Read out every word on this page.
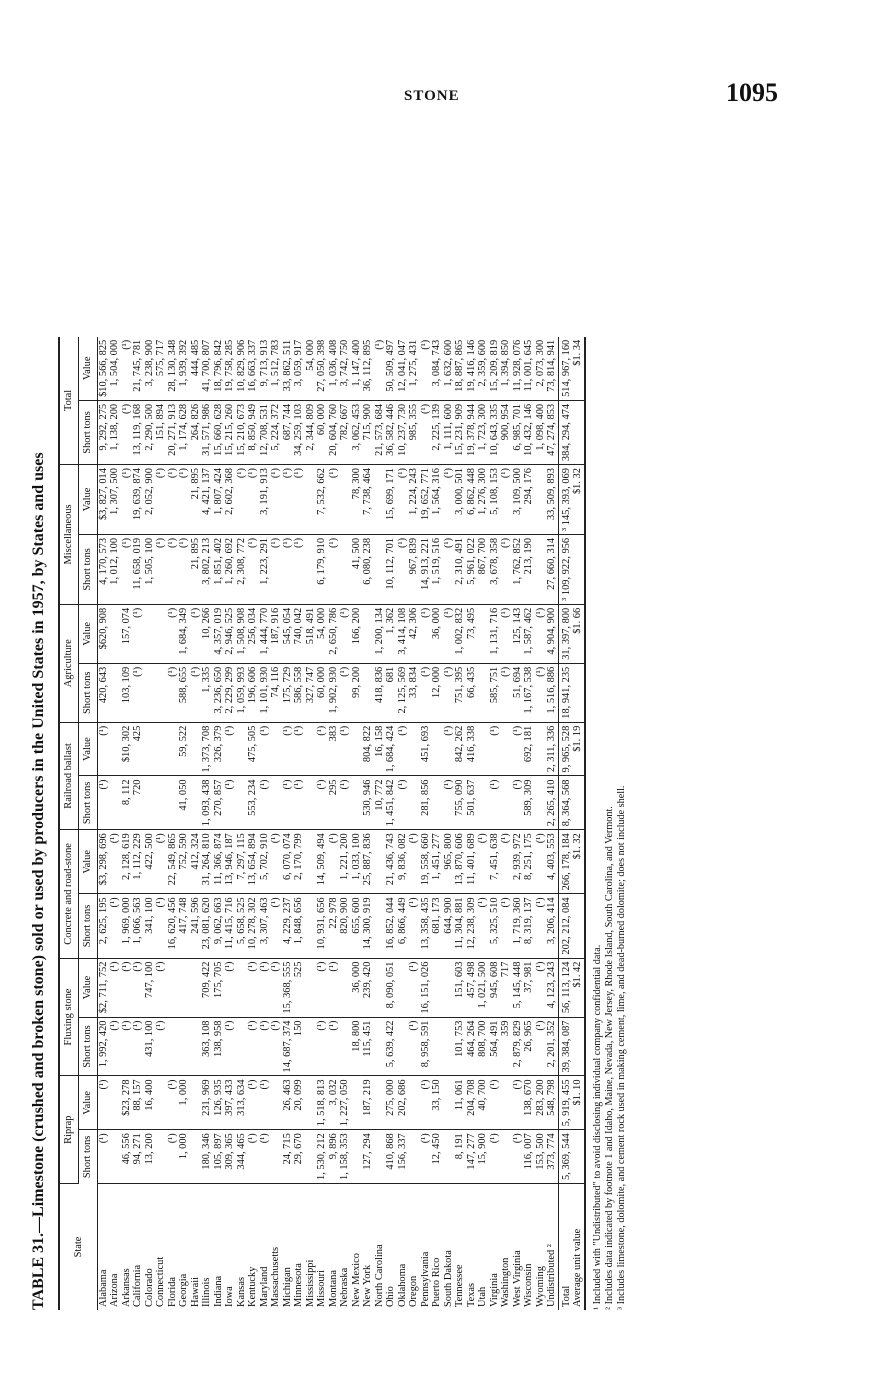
STONE	1095
TABLE 31.—Limestone (crushed and broken stone) sold or used by producers in the United States in 1957, by States and uses State	Riprap		Fluxing stone		Concrete and road-stone		Railroad ballast		Agriculture		Miscellaneous		Total	
	Short tons	Value	Short tons	Value	Short tons	Value	Short tons	Value	Short tons	Value	Short tons	Value	Short tons	Value
Alabama	(¹)	(¹)	1, 992, 420	$2, 711, 752	2, 625, 195	$3, 298, 696	(¹)	(¹)	420, 643	$620, 908	4, 170, 573	$3, 827, 014	9, 292, 275	$10, 566, 825
Arizona			(¹)	(¹)	(¹)	(¹)					1, 012, 100	1, 307, 500	1, 138, 200	1, 504, 000
Arkansas	46, 556	$23, 278	(¹)	(¹)	1, 969, 000	2, 128, 619	8, 112	$10, 302	103, 109	157, 074	(¹)	(¹)	(¹)	(¹)
California	94, 271	88, 157	(¹)	(¹)	1, 066, 563	1, 112, 229	720	425	(¹)	(¹)	11, 658, 019	19, 639, 874	13, 119, 168	21, 745, 781
Colorado	13, 200	16, 400	431, 100	747, 100	341, 100	422, 500					1, 505, 100	2, 052, 900	2, 290, 500	3, 238, 900
Connecticut			(¹)	(¹)	(¹)	(¹)					(¹)	(¹)	151, 894	575, 717
Florida	(¹)	(¹)			16, 620, 456	22, 549, 865			(¹)	(¹)	(¹)	(¹)	20, 271, 913	28, 130, 348
Georgia	1, 000	1, 000			417, 748	752, 590	41, 050	59, 522	588, 655	1, 684, 349	(¹)	(¹)	1, 174, 628	1, 939, 392
Hawaii					241, 596	412, 324			(¹)	(¹)	21, 895	21, 895	264, 826	444, 485
Illinois	180, 346	231, 969	363, 108	709, 422	23, 081, 620	31, 264, 810	1, 093, 438	1, 373, 708	1, 335	10, 266	3, 802, 213	4, 421, 137	31, 571, 986	41, 700, 807
Indiana	105, 897	126, 935	138, 958	175, 705	9, 062, 663	11, 366, 874	270, 857	326, 379	3, 236, 650	4, 357, 019	1, 851, 402	1, 807, 424	15, 660, 628	18, 796, 842
Iowa	309, 365	397, 433	(¹)	(¹)	11, 415, 716	13, 946, 187	(¹)	(¹)	2, 229, 299	2, 946, 525	1, 260, 692	2, 602, 368	15, 215, 260	19, 758, 285
Kansas	344, 465	313, 634			5, 658, 525	7, 297, 115			1, 059, 993	1, 508, 908	2, 308, 772	(¹)	15, 210, 673	10, 829, 906
Kentucky	(¹)	(¹)	(¹)	(¹)	10, 278, 302	13, 654, 894	553, 234	475, 505	196, 606	256, 034	(¹)	(¹)	8, 850, 949	16, 663, 337
Maryland	(¹)	(¹)	(¹)	(¹)	3, 307, 463	5, 702, 910	(¹)	(¹)	1, 101, 930	1, 444, 770	1, 223, 291	3, 191, 913	12, 708, 531	9, 713, 913
Massachusetts			(¹)	(¹)	(¹)	(¹)			74, 116	187, 916	(¹)	(¹)	5, 224, 372	1, 512, 783
Michigan	24, 715	26, 463	14, 687, 374	15, 368, 555	4, 229, 237	6, 070, 074	(¹)	(¹)	175, 729	545, 054	(¹)	(¹)	687, 744	33, 862, 511
Minnesota	29, 670	20, 099	150	525	1, 848, 656	2, 170, 799	(¹)	(¹)	586, 558	740, 042	(¹)	(¹)	34, 259, 103	3, 059, 917
Mississippi									327, 747	518, 491			2, 344, 809	54, 000
Missouri	1, 530, 212	1, 518, 813	(¹)	(¹)	10, 931, 656	14, 509, 494	(¹)	(¹)	60, 000	54, 000	6, 179, 910	7, 532, 662	60, 000	27, 050, 398
Montana	9, 896	3, 032	(¹)	(¹)	22, 978	(¹)	295	383	1, 902, 930	2, 650, 786	(¹)	(¹)	20, 604, 760	1, 036, 408
Nebraska	1, 158, 353	1, 227, 050			820, 900	1, 221, 200	(¹)	(¹)	(¹)	(¹)			782, 667	3, 742, 750
New Mexico			18, 800	36, 000	655, 600	1, 033, 100			99, 200	166, 200	41, 500	78, 300	3, 062, 453	1, 147, 400
New York	127, 294	187, 219	115, 451	239, 420	14, 300, 919	25, 887, 836	530, 946	804, 822			6, 080, 238	7, 738, 464	715, 900	36, 112, 895
North Carolina							10, 772	16, 158	418, 836	1, 200, 134			21, 573, 684	(¹)
Ohio	410, 868	275, 000	5, 639, 422	8, 090, 051	16, 852, 044	21, 436, 743	1, 451, 842	1, 684, 424	681	1, 362	10, 112, 701	15, 699, 171	36, 582, 446	50, 509, 497
Oklahoma	156, 337	202, 686			6, 866, 449	9, 836, 082	(¹)	(¹)	2, 125, 569	3, 414, 108	(¹)	(¹)	10, 237, 730	12, 041, 047
Oregon			(¹)	(¹)	(¹)	(¹)			33, 834	42, 306	967, 839	1, 224, 243	985, 355	1, 275, 431
Pennsylvania	(¹)	(¹)	8, 958, 591	16, 151, 026	13, 358, 435	19, 558, 660	281, 856	451, 693	(¹)	(¹)	14, 913, 221	19, 652, 771	(¹)	(¹)
Puerto Rico	12, 450	33, 150			681, 173	1, 451, 277			12, 000	36, 000	1, 519, 516	1, 564, 316	2, 225, 139	3, 084, 743
South Dakota					644, 900	965, 800	(¹)	(¹)	(¹)	(¹)	(¹)	(¹)	1, 111, 600	1, 632, 600
Tennessee	8, 191	11, 061	101, 753	151, 603	11, 304, 881	13, 870, 606	755, 090	842, 262	751, 395	1, 002, 832	2, 310, 491	3, 000, 501	15, 231, 909	18, 887, 865
Texas	147, 277	204, 708	464, 264	457, 498	12, 238, 309	11, 401, 689	501, 637	416, 338	66, 435	73, 495	5, 961, 022	6, 862, 448	19, 378, 944	19, 416, 146
Utah	15, 900	40, 700	808, 700	1, 021, 500	(¹)	(¹)					867, 700	1, 276, 300	1, 723, 300	2, 359, 600
Virginia	(¹)	(¹)	564, 491	945, 608	5, 325, 510	7, 451, 638	(¹)	(¹)	585, 751	1, 131, 716	3, 678, 358	5, 108, 153	10, 643, 335	15, 209, 819
Washington			359	717	(¹)	(¹)			(¹)	(¹)	(¹)	(¹)	900, 954	1, 394, 850
West Virginia	(¹)	(¹)	2, 879, 829	5, 145, 448	1, 719, 360	2, 939, 972	(¹)	(¹)	51, 694	125, 143	1, 762, 852	3, 109, 500	6, 985, 701	11, 928, 076
Wisconsin	116, 007	138, 670	26, 965	37, 981	8, 319, 137	8, 251, 175	589, 309	692, 181	1, 167, 538	1, 587, 462	213, 190	294, 176	10, 432, 146	11, 001, 645
Wyoming	153, 500	283, 200	(¹)	(¹)	(¹)	(¹)			(¹)	(¹)			1, 098, 400	2, 073, 300
Undistributed ²	373, 774	548, 798	2, 201, 352	4, 123, 243	3, 206, 414	4, 403, 553	2, 265, 410	2, 311, 336	1, 516, 886	4, 904, 900	27, 660, 314	33, 509, 893	47, 274, 853	73, 814, 941
Total	5, 369, 544	5, 919, 455	39, 384, 087	56, 113, 124	202, 212, 084	266, 178, 184	8, 364, 568	9, 965, 528	18, 941, 235	31, 397, 800	³ 109, 922, 956	³ 145, 393, 069	384, 294, 474	514, 967, 160
Average unit value		$1. 10		$1. 42		$1. 32		$1. 19		$1. 66		$1. 32		$1. 34
¹ Included with "Undistributed" to avoid disclosing individual company confidential data. ² Includes data indicated by footnote 1 and Idaho, Maine, Nevada, New Jersey, Rhode Island, South Carolina, and Vermont. ³ Includes limestone, dolomite, and cement rock used in making cement, lime, and dead-burned dolomite; does not include shell.
